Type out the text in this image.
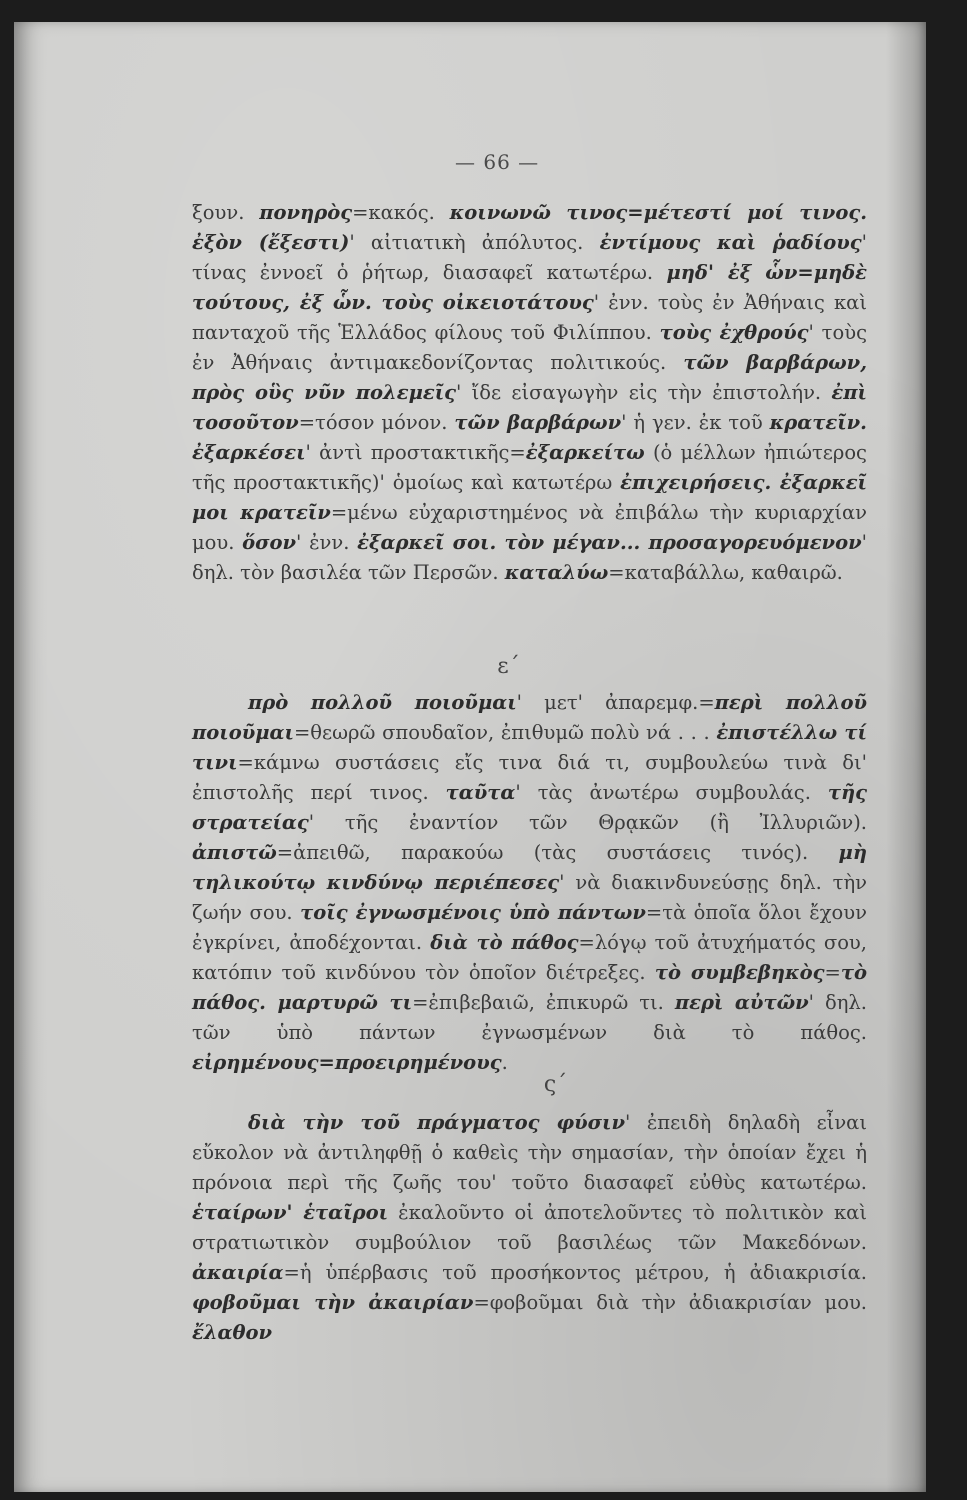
— 66 —
ξουν. πονηρὸς=κακός. κοινωνῶ τινος=μέτεστί μοί τινος. ἐξὸν (ἔξεστι)' αἰτιατικὴ ἀπόλυτος. ἐντίμους καὶ ῥαδίους' τίνας ἐννοεῖ ὁ ῥήτωρ, διασαφεῖ κατωτέρω. μηδ' ἐξ ὧν=μηδὲ τούτους, ἐξ ὧν. τοὺς οἰκειοτάτους' ἐνν. τοὺς ἐν Ἀθήναις καὶ πανταχοῦ τῆς Ἑλλάδος φίλους τοῦ Φιλίππου. τοὺς ἐχθρούς' τοὺς ἐν Ἀθήναις ἀντιμακεδονίζοντας πολιτικούς. τῶν βαρβάρων, πρὸς οὓς νῦν πολεμεῖς' ἴδε εἰσαγωγὴν εἰς τὴν ἐπιστολήν. ἐπὶ τοσοῦτον=τόσον μόνον. τῶν βαρβάρων' ἡ γεν. ἐκ τοῦ κρατεῖν. ἐξαρκέσει' ἀντὶ προστακτικῆς=ἐξαρκείτω (ὁ μέλλων ἠπιώτερος τῆς προστακτικῆς)' ὁμοίως καὶ κατωτέρω ἐπιχειρήσεις. ἐξαρκεῖ μοι κρατεῖν=μένω εὐχαριστημένος νὰ ἐπιβάλω τὴν κυριαρχίαν μου. ὅσον' ἐνν. ἐξαρκεῖ σοι. τὸν μέγαν... προσαγορευόμενον' δηλ. τὸν βασιλέα τῶν Περσῶν. καταλύω=καταβάλλω, καθαιρῶ.
ε΄
πρὸ πολλοῦ ποιοῦμαι' μετ' ἀπαρεμφ.=περὶ πολλοῦ ποιοῦμαι=θεωρῶ σπουδαῖον, ἐπιθυμῶ πολὺ νά . . . ἐπιστέλλω τί τινι=κάμνω συστάσεις εἴς τινα διά τι, συμβουλεύω τινὰ δι' ἐπιστολῆς περί τινος. ταῦτα' τὰς ἀνωτέρω συμβουλάς. τῆς στρατείας' τῆς ἐναντίον τῶν Θρᾳκῶν (ἢ Ἰλλυριῶν). ἀπιστῶ=ἀπειθῶ, παρακούω (τὰς συστάσεις τινός). μὴ τηλικούτῳ κινδύνῳ περιέπεσες' νὰ διακινδυνεύσῃς δηλ. τὴν ζωήν σου. τοῖς ἐγνωσμένοις ὑπὸ πάντων=τὰ ὁποῖα ὅλοι ἔχουν ἐγκρίνει, ἀποδέχονται. διὰ τὸ πάθος=λόγῳ τοῦ ἀτυχήματός σου, κατόπιν τοῦ κινδύνου τὸν ὁποῖον διέτρεξες. τὸ συμβεβηκὸς=τὸ πάθος. μαρτυρῶ τι=ἐπιβεβαιῶ, ἐπικυρῶ τι. περὶ αὐτῶν' δηλ. τῶν ὑπὸ πάντων ἐγνωσμένων διὰ τὸ πάθος. εἰρημένους=προειρημένους.
ς΄
διὰ τὴν τοῦ πράγματος φύσιν' ἐπειδὴ δηλαδὴ εἶναι εὔκολον νὰ ἀντιληφθῇ ὁ καθεὶς τὴν σημασίαν, τὴν ὁποίαν ἔχει ἡ πρόνοια περὶ τῆς ζωῆς του' τοῦτο διασαφεῖ εὐθὺς κατωτέρω. ἑταίρων' ἑταῖροι ἐκαλοῦντο οἱ ἀποτελοῦντες τὸ πολιτικὸν καὶ στρατιωτικὸν συμβούλιον τοῦ βασιλέως τῶν Μακεδόνων. ἀκαιρία=ἡ ὑπέρβασις τοῦ προσήκοντος μέτρου, ἡ ἀδιακρισία. φοβοῦμαι τὴν ἀκαιρίαν=φοβοῦμαι διὰ τὴν ἀδιακρισίαν μου. ἔλαθον
